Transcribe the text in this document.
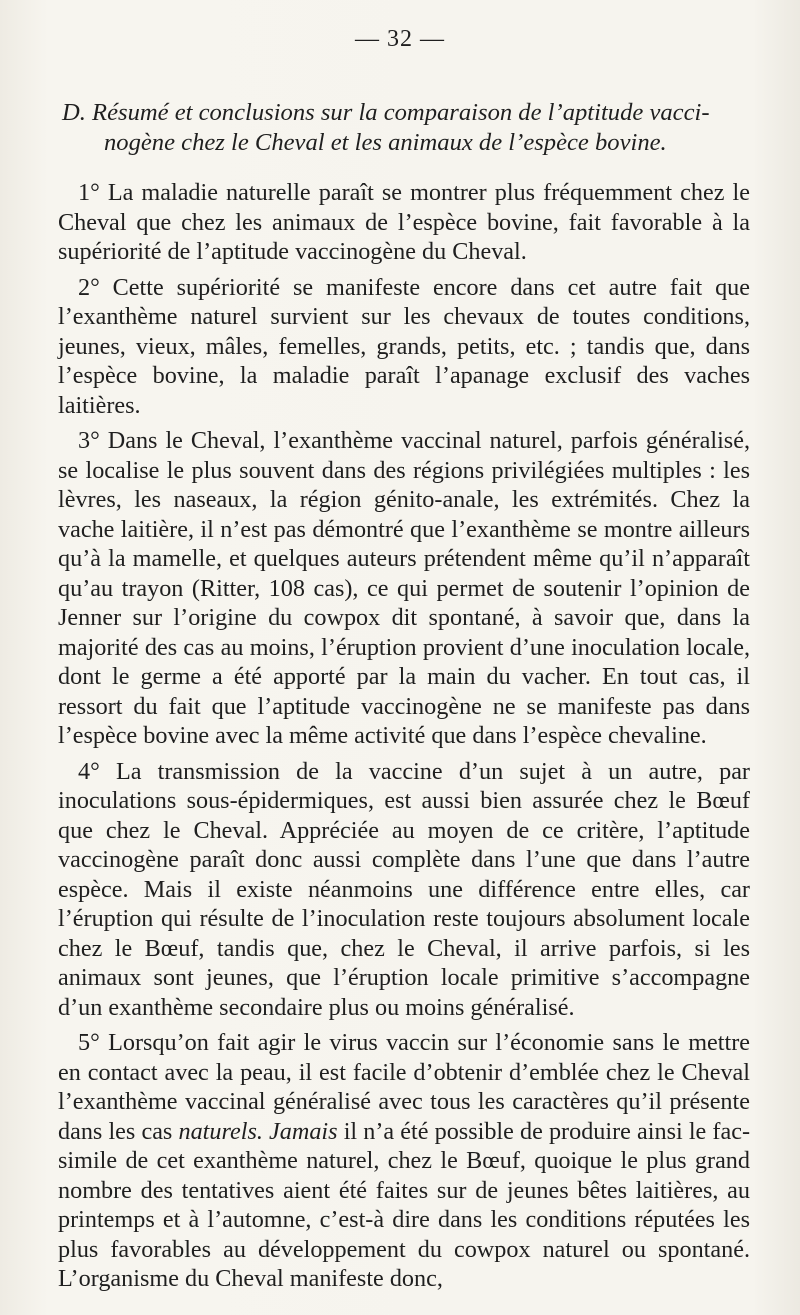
— 32 —
D. Résumé et conclusions sur la comparaison de l’aptitude vacci-
nogène chez le Cheval et les animaux de l’espèce bovine.

1° La maladie naturelle paraît se montrer plus fréquemment chez le Cheval que chez les animaux de l’espèce bovine, fait favorable à la supériorité de l’aptitude vaccinogène du Cheval.

2° Cette supériorité se manifeste encore dans cet autre fait que l’exanthème naturel survient sur les chevaux de toutes conditions, jeunes, vieux, mâles, femelles, grands, petits, etc. ; tandis que, dans l’espèce bovine, la maladie paraît l’apanage exclusif des vaches laitières.

3° Dans le Cheval, l’exanthème vaccinal naturel, parfois généralisé, se localise le plus souvent dans des régions privilégiées multiples : les lèvres, les naseaux, la région génito-anale, les extrémités. Chez la vache laitière, il n’est pas démontré que l’exanthème se montre ailleurs qu’à la mamelle, et quelques auteurs prétendent même qu’il n’apparaît qu’au trayon (Ritter, 108 cas), ce qui permet de soutenir l’opinion de Jenner sur l’origine du cowpox dit spontané, à savoir que, dans la majorité des cas au moins, l’éruption provient d’une inoculation locale, dont le germe a été apporté par la main du vacher. En tout cas, il ressort du fait que l’aptitude vaccinogène ne se manifeste pas dans l’espèce bovine avec la même activité que dans l’espèce chevaline.

4° La transmission de la vaccine d’un sujet à un autre, par inoculations sous-épidermiques, est aussi bien assurée chez le Bœuf que chez le Cheval. Appréciée au moyen de ce critère, l’aptitude vaccinogène paraît donc aussi complète dans l’une que dans l’autre espèce. Mais il existe néanmoins une différence entre elles, car l’éruption qui résulte de l’inoculation reste toujours absolument locale chez le Bœuf, tandis que, chez le Cheval, il arrive parfois, si les animaux sont jeunes, que l’éruption locale primitive s’accompagne d’un exanthème secondaire plus ou moins généralisé.

5° Lorsqu’on fait agir le virus vaccin sur l’économie sans le mettre en contact avec la peau, il est facile d’obtenir d’emblée chez le Cheval l’exanthème vaccinal généralisé avec tous les caractères qu’il présente dans les cas naturels. Jamais il n’a été possible de produire ainsi le fac-simile de cet exanthème naturel, chez le Bœuf, quoique le plus grand nombre des tentatives aient été faites sur de jeunes bêtes laitières, au printemps et à l’automne, c’est-à dire dans les conditions réputées les plus favorables au développement du cowpox naturel ou spontané. L’organisme du Cheval manifeste donc,
